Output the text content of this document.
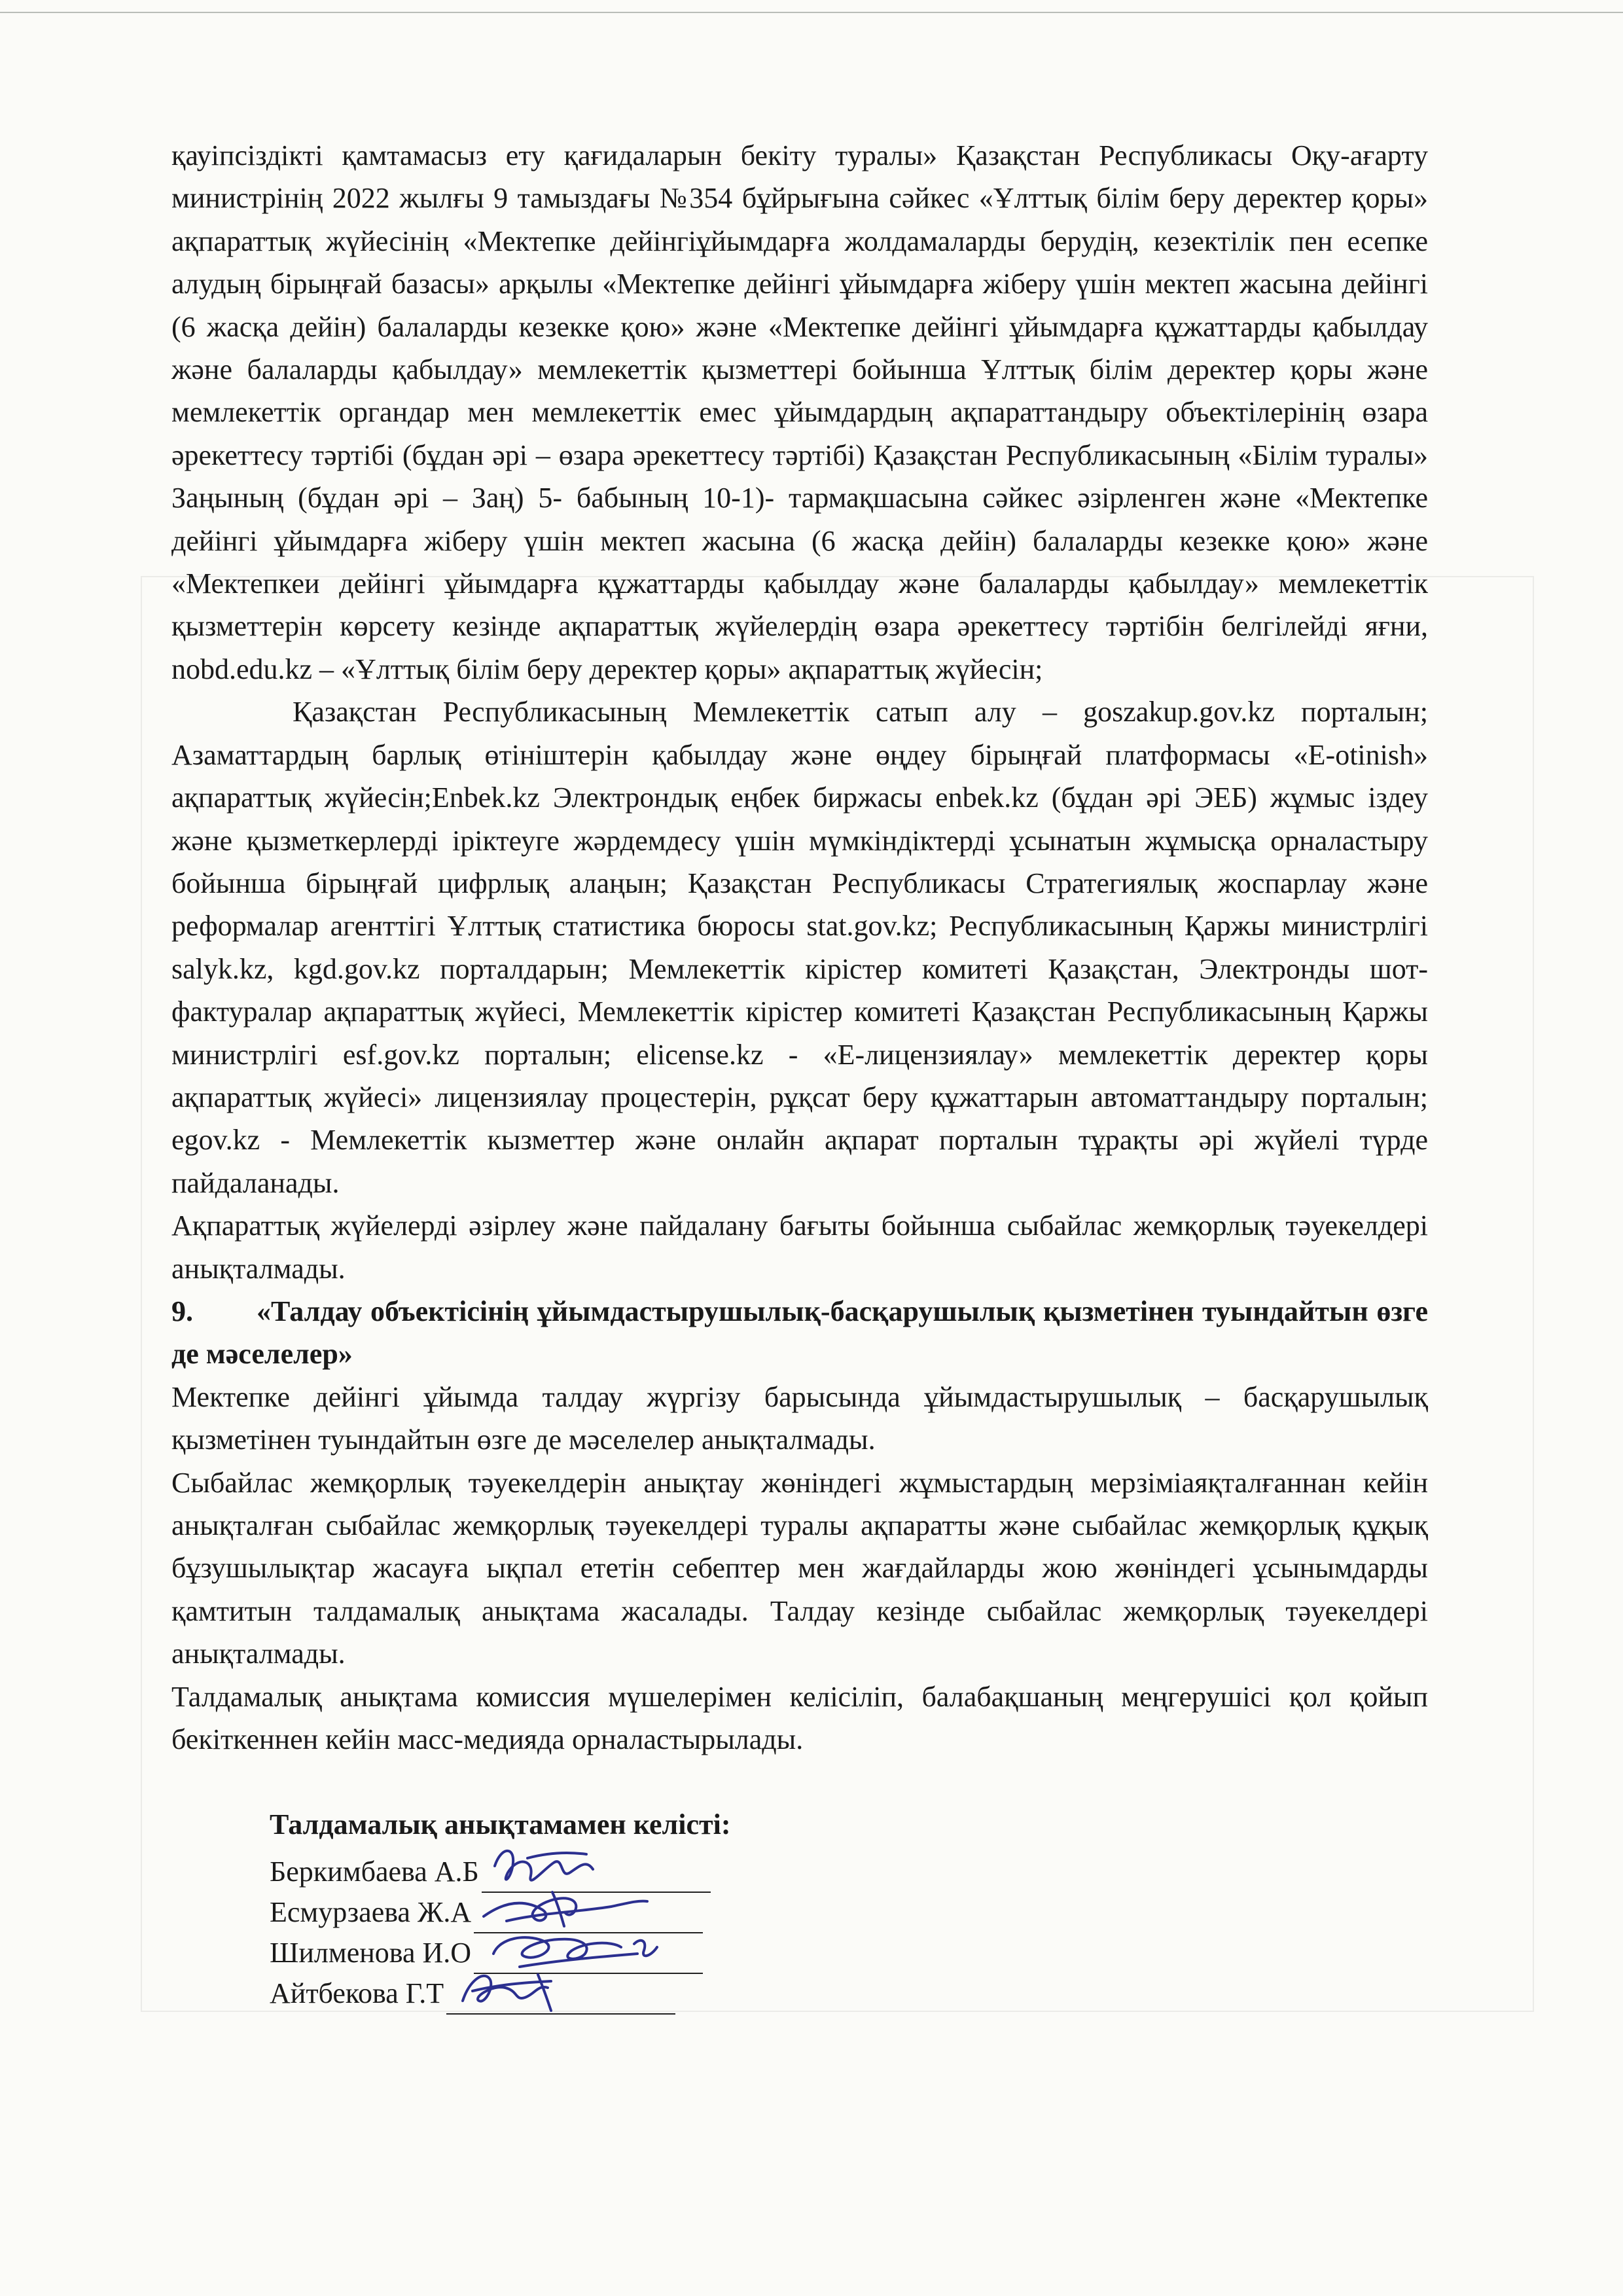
қауіпсіздікті қамтамасыз ету қағидаларын бекіту туралы» Қазақстан Республикасы Оқу-ағарту министрінің 2022 жылғы 9 тамыздағы №354 бұйрығына сәйкес «Ұлттық білім беру деректер қоры» ақпараттық жүйесінің «Мектепке дейінгіұйымдарға жолдамаларды берудің, кезектілік пен есепке алудың бірыңғай базасы» арқылы «Мектепке дейінгі ұйымдарға жіберу үшін мектеп жасына дейінгі (6 жасқа дейін) балаларды кезекке қою» және «Мектепке дейінгі ұйымдарға құжаттарды қабылдау және балаларды қабылдау» мемлекеттік қызметтері бойынша Ұлттық білім деректер қоры және мемлекеттік органдар мен мемлекеттік емес ұйымдардың ақпараттандыру объектілерінің өзара әрекеттесу тәртібі (бұдан әрі – өзара әрекеттесу тәртібі) Қазақстан Республикасының «Білім туралы» Заңының (бұдан әрі – Заң) 5- бабының 10-1)- тармақшасына сәйкес әзірленген және «Мектепке дейінгі ұйымдарға жіберу үшін мектеп жасына (6 жасқа дейін) балаларды кезекке қою» және «Мектепкеи дейінгі ұйымдарға құжаттарды қабылдау және балаларды қабылдау» мемлекеттік қызметтерін көрсету кезінде ақпараттық жүйелердің өзара әрекеттесу тәртібін белгілейді яғни, nobd.edu.kz – «Ұлттық білім беру деректер қоры» ақпараттық жүйесін;

Қазақстан Республикасының Мемлекеттік сатып алу – goszakup.gov.kz порталын; Азаматтардың барлық өтініштерін қабылдау және өңдеу бірыңғай платформасы «E-otinish» ақпараттық жүйесін;Enbek.kz Электрондық еңбек биржасы enbek.kz (бұдан әрі ЭЕБ) жұмыс іздеу және қызметкерлерді іріктеуге жәрдемдесу үшін мүмкіндіктерді ұсынатын жұмысқа орналастыру бойынша бірыңғай цифрлық алаңын; Қазақстан Республикасы Стратегиялық жоспарлау және реформалар агенттігі Ұлттық статистика бюросы stat.gov.kz; Республикасының Қаржы министрлігі salyk.kz, kgd.gov.kz порталдарын; Мемлекеттік кірістер комитеті Қазақстан, Электронды шот-фактуралар ақпараттық жүйесі, Мемлекеттік кірістер комитеті Қазақстан Республикасының Қаржы министрлігі esf.gov.kz порталын; elicense.kz - «Е-лицензиялау» мемлекеттік деректер қоры ақпараттық жүйесі» лицензиялау процестерін, рұқсат беру құжаттарын автоматтандыру порталын; egov.kz - Мемлекеттік кызметтер және онлайн ақпарат порталын тұрақты әрі жүйелі түрде пайдаланады.

Ақпараттық жүйелерді әзірлеу және пайдалану бағыты бойынша сыбайлас жемқорлық тәуекелдері анықталмады.

9. «Талдау объектісінің ұйымдастырушылық-басқарушылық қызметінен туындайтын өзге де мәселелер»

Мектепке дейінгі ұйымда талдау жүргізу барысында ұйымдастырушылық – басқарушылық қызметінен туындайтын өзге де мәселелер анықталмады.

Сыбайлас жемқорлық тәуекелдерін анықтау жөніндегі жұмыстардың мерзіміаяқталғаннан кейін анықталған сыбайлас жемқорлық тәуекелдері туралы ақпаратты және сыбайлас жемқорлық құқық бұзушылықтар жасауға ықпал ететін себептер мен жағдайларды жою жөніндегі ұсынымдарды қамтитын талдамалық анықтама жасалады. Талдау кезінде сыбайлас жемқорлық тәуекелдері анықталмады.

Талдамалық анықтама комиссия мүшелерімен келісіліп, балабақшаның меңгерушісі қол қойып бекіткеннен кейін масс-медияда орналастырылады.

Талдамалық анықтамамен келісті:

Беркимбаева А.Б
Есмурзаева Ж.А
Шилменова И.О
Айтбекова Г.Т
